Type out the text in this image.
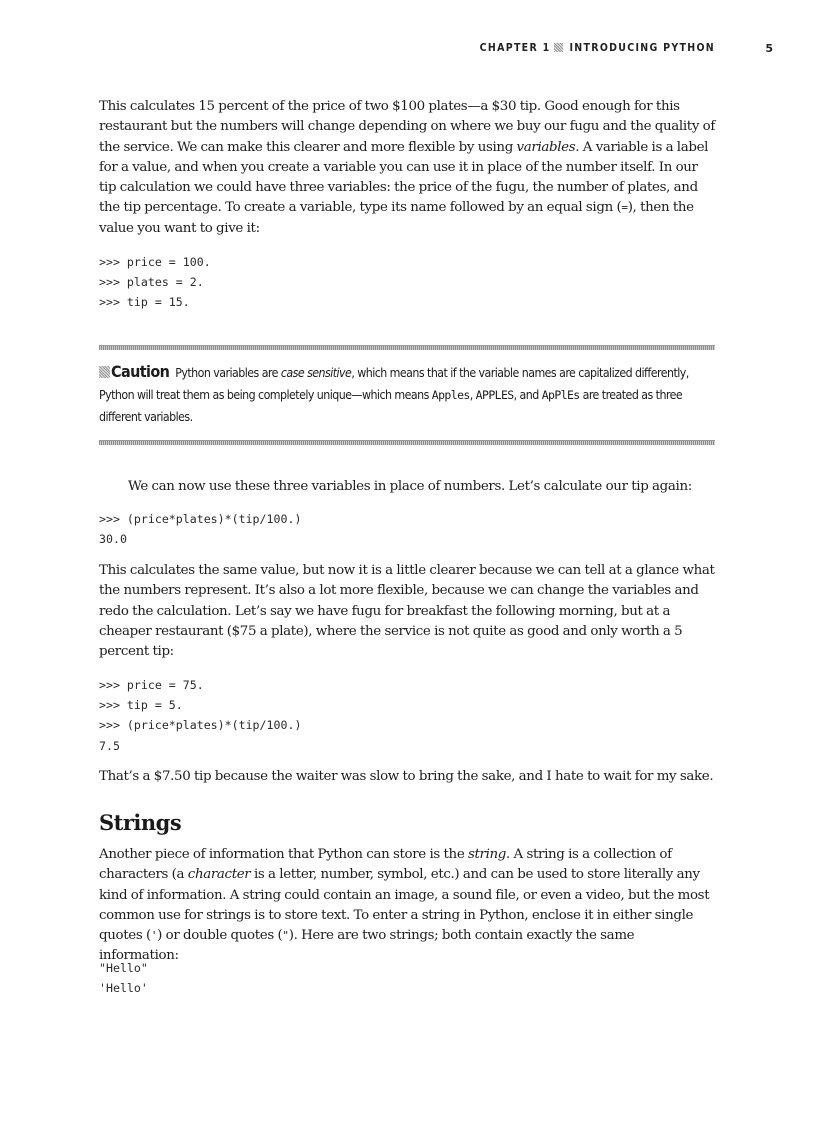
CHAPTER 1 INTRODUCING PYTHON	5

This calculates 15 percent of the price of two $100 plates—a $30 tip. Good enough for this restaurant but the numbers will change depending on where we buy our fugu and the quality of the service. We can make this clearer and more flexible by using variables. A variable is a label for a value, and when you create a variable you can use it in place of the number itself. In our tip calculation we could have three variables: the price of the fugu, the number of plates, and the tip percentage. To create a variable, type its name followed by an equal sign (=), then the value you want to give it:

>>> price = 100.
>>> plates = 2.
>>> tip = 15.

Caution Python variables are case sensitive, which means that if the variable names are capitalized differently, Python will treat them as being completely unique—which means Apples, APPLES, and ApPlEs are treated as three different variables.

We can now use these three variables in place of numbers. Let’s calculate our tip again:

>>> (price*plates)*(tip/100.)
30.0

This calculates the same value, but now it is a little clearer because we can tell at a glance what the numbers represent. It’s also a lot more flexible, because we can change the variables and redo the calculation. Let’s say we have fugu for breakfast the following morning, but at a cheaper restaurant ($75 a plate), where the service is not quite as good and only worth a 5 percent tip:

>>> price = 75.
>>> tip = 5.
>>> (price*plates)*(tip/100.)
7.5

That’s a $7.50 tip because the waiter was slow to bring the sake, and I hate to wait for my sake.

Strings

Another piece of information that Python can store is the string. A string is a collection of characters (a character is a letter, number, symbol, etc.) and can be used to store literally any kind of information. A string could contain an image, a sound file, or even a video, but the most common use for strings is to store text. To enter a string in Python, enclose it in either single quotes (') or double quotes ("). Here are two strings; both contain exactly the same information:

"Hello"
'Hello'
